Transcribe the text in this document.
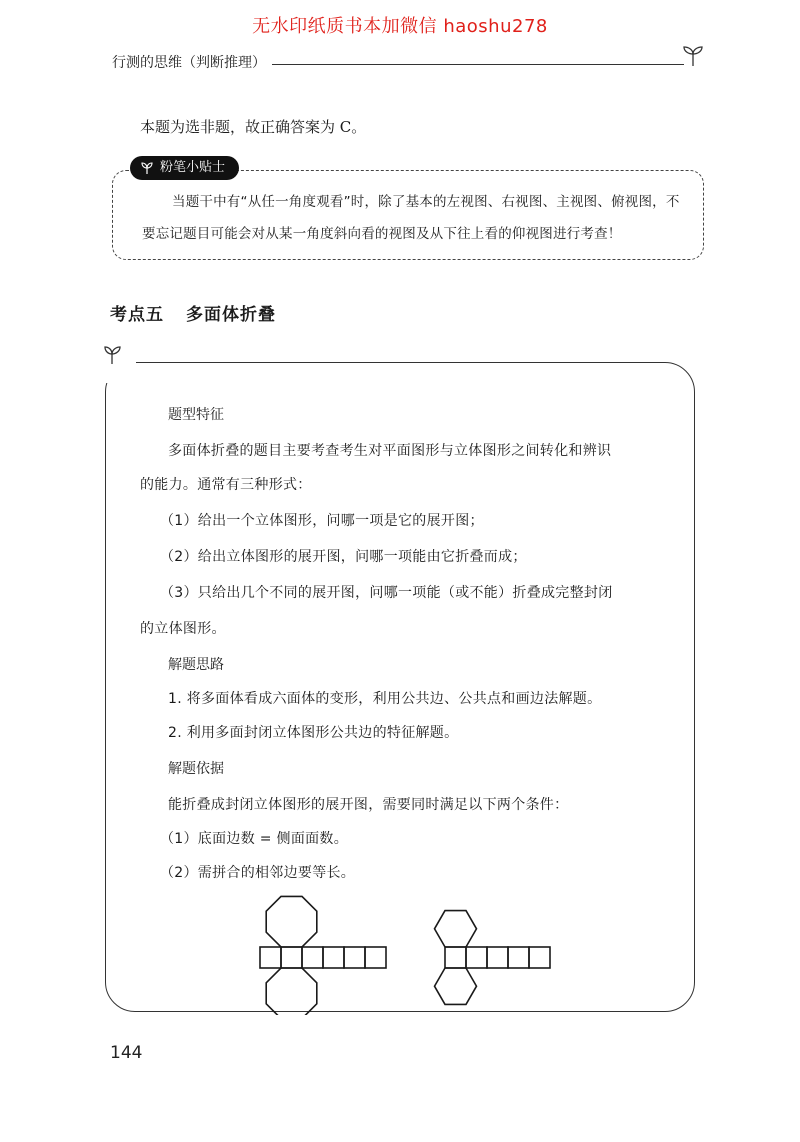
无水印纸质书本加微信 haoshu278
行测的思维（判断推理）
本题为选非题，故正确答案为 C。
粉笔小贴士
当题干中有“从任一角度观看”时，除了基本的左视图、右视图、主视图、俯视图，不要忘记题目可能会对从某一角度斜向看的视图及从下往上看的仰视图进行考查！
考点五 多面体折叠
题型特征
多面体折叠的题目主要考查考生对平面图形与立体图形之间转化和辨识
的能力。通常有三种形式：
（1）给出一个立体图形，问哪一项是它的展开图；
（2）给出立体图形的展开图，问哪一项能由它折叠而成；
（3）只给出几个不同的展开图，问哪一项能（或不能）折叠成完整封闭
的立体图形。
解题思路
1. 将多面体看成六面体的变形，利用公共边、公共点和画边法解题。
2. 利用多面封闭立体图形公共边的特征解题。
解题依据
能折叠成封闭立体图形的展开图，需要同时满足以下两个条件：
（1）底面边数 = 侧面面数。
（2）需拼合的相邻边要等长。
144
